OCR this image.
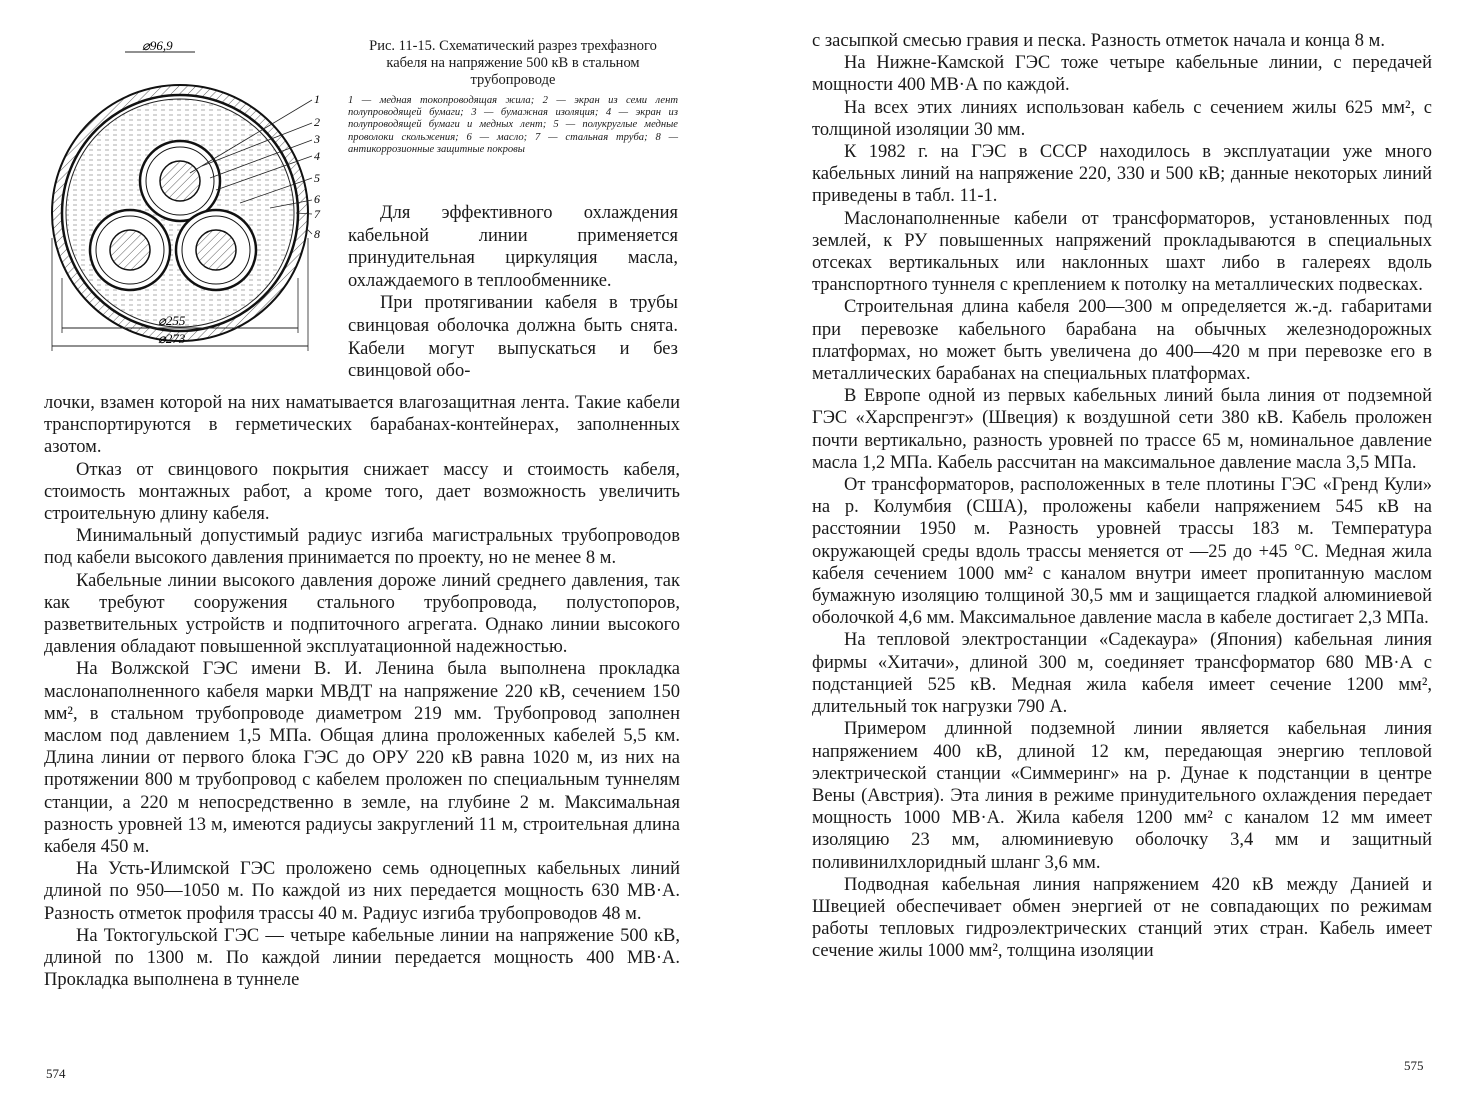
⌀96,9
1
2
3
4
5
6
7
8
⌀255
⌀273

Рис. 11-15. Схематический разрез трехфазного кабеля на напряжение 500 кВ в стальном трубопроводе

1 — медная токопроводящая жила; 2 — экран из семи лент полупроводящей бумаги; 3 — бумажная изоляция; 4 — экран из полупроводящей бумаги и медных лент; 5 — полукруглые медные проволоки скольжения; 6 — масло; 7 — стальная труба; 8 — антикоррозионные защитные покровы

Для эффективного охлаждения кабельной линии применяется принудительная циркуляция масла, охлаждаемого в теплообменнике.

При протягивании кабеля в трубы свинцовая оболочка должна быть снята. Кабели могут выпускаться и без свинцовой обо-

лочки, взамен которой на них наматывается влагозащитная лента. Такие кабели транспортируются в герметических барабанах-контейнерах, заполненных азотом.

Отказ от свинцового покрытия снижает массу и стоимость кабеля, стоимость монтажных работ, а кроме того, дает возможность увеличить строительную длину кабеля.

Минимальный допустимый радиус изгиба магистральных трубопроводов под кабели высокого давления принимается по проекту, но не менее 8 м.

Кабельные линии высокого давления дороже линий среднего давления, так как требуют сооружения стального трубопровода, полустопоров, разветвительных устройств и подпиточного агрегата. Однако линии высокого давления обладают повышенной эксплуатационной надежностью.

На Волжской ГЭС имени В. И. Ленина была выполнена прокладка маслонаполненного кабеля марки МВДТ на напряжение 220 кВ, сечением 150 мм², в стальном трубопроводе диаметром 219 мм. Трубопровод заполнен маслом под давлением 1,5 МПа. Общая длина проложенных кабелей 5,5 км. Длина линии от первого блока ГЭС до ОРУ 220 кВ равна 1020 м, из них на протяжении 800 м трубопровод с кабелем проложен по специальным туннелям станции, а 220 м непосредственно в земле, на глубине 2 м. Максимальная разность уровней 13 м, имеются радиусы закруглений 11 м, строительная длина кабеля 450 м.

На Усть-Илимской ГЭС проложено семь одноцепных кабельных линий длиной по 950—1050 м. По каждой из них передается мощность 630 МВ·А. Разность отметок профиля трассы 40 м. Радиус изгиба трубопроводов 48 м.

На Токтогульской ГЭС — четыре кабельные линии на напряжение 500 кВ, длиной по 1300 м. По каждой линии передается мощность 400 МВ·А. Прокладка выполнена в туннеле

574

с засыпкой смесью гравия и песка. Разность отметок начала и конца 8 м.

На Нижне-Камской ГЭС тоже четыре кабельные линии, с передачей мощности 400 МВ·А по каждой.

На всех этих линиях использован кабель с сечением жилы 625 мм², с толщиной изоляции 30 мм.

К 1982 г. на ГЭС в СССР находилось в эксплуатации уже много кабельных линий на напряжение 220, 330 и 500 кВ; данные некоторых линий приведены в табл. 11-1.

Маслонаполненные кабели от трансформаторов, установленных под землей, к РУ повышенных напряжений прокладываются в специальных отсеках вертикальных или наклонных шахт либо в галереях вдоль транспортного туннеля с креплением к потолку на металлических подвесках.

Строительная длина кабеля 200—300 м определяется ж.-д. габаритами при перевозке кабельного барабана на обычных железнодорожных платформах, но может быть увеличена до 400—420 м при перевозке его в металлических барабанах на специальных платформах.

В Европе одной из первых кабельных линий была линия от подземной ГЭС «Харспренгэт» (Швеция) к воздушной сети 380 кВ. Кабель проложен почти вертикально, разность уровней по трассе 65 м, номинальное давление масла 1,2 МПа. Кабель рассчитан на максимальное давление масла 3,5 МПа.

От трансформаторов, расположенных в теле плотины ГЭС «Гренд Кули» на р. Колумбия (США), проложены кабели напряжением 545 кВ на расстоянии 1950 м. Разность уровней трассы 183 м. Температура окружающей среды вдоль трассы меняется от —25 до +45 °С. Медная жила кабеля сечением 1000 мм² с каналом внутри имеет пропитанную маслом бумажную изоляцию толщиной 30,5 мм и защищается гладкой алюминиевой оболочкой 4,6 мм. Максимальное давление масла в кабеле достигает 2,3 МПа.

На тепловой электростанции «Садекаура» (Япония) кабельная линия фирмы «Хитачи», длиной 300 м, соединяет трансформатор 680 МВ·А с подстанцией 525 кВ. Медная жила кабеля имеет сечение 1200 мм², длительный ток нагрузки 790 А.

Примером длинной подземной линии является кабельная линия напряжением 400 кВ, длиной 12 км, передающая энергию тепловой электрической станции «Симмеринг» на р. Дунае к подстанции в центре Вены (Австрия). Эта линия в режиме принудительного охлаждения передает мощность 1000 МВ·А. Жила кабеля 1200 мм² с каналом 12 мм имеет изоляцию 23 мм, алюминиевую оболочку 3,4 мм и защитный поливинилхлоридный шланг 3,6 мм.

Подводная кабельная линия напряжением 420 кВ между Данией и Швецией обеспечивает обмен энергией от не совпадающих по режимам работы тепловых гидроэлектрических станций этих стран. Кабель имеет сечение жилы 1000 мм², толщина изоляции

575
